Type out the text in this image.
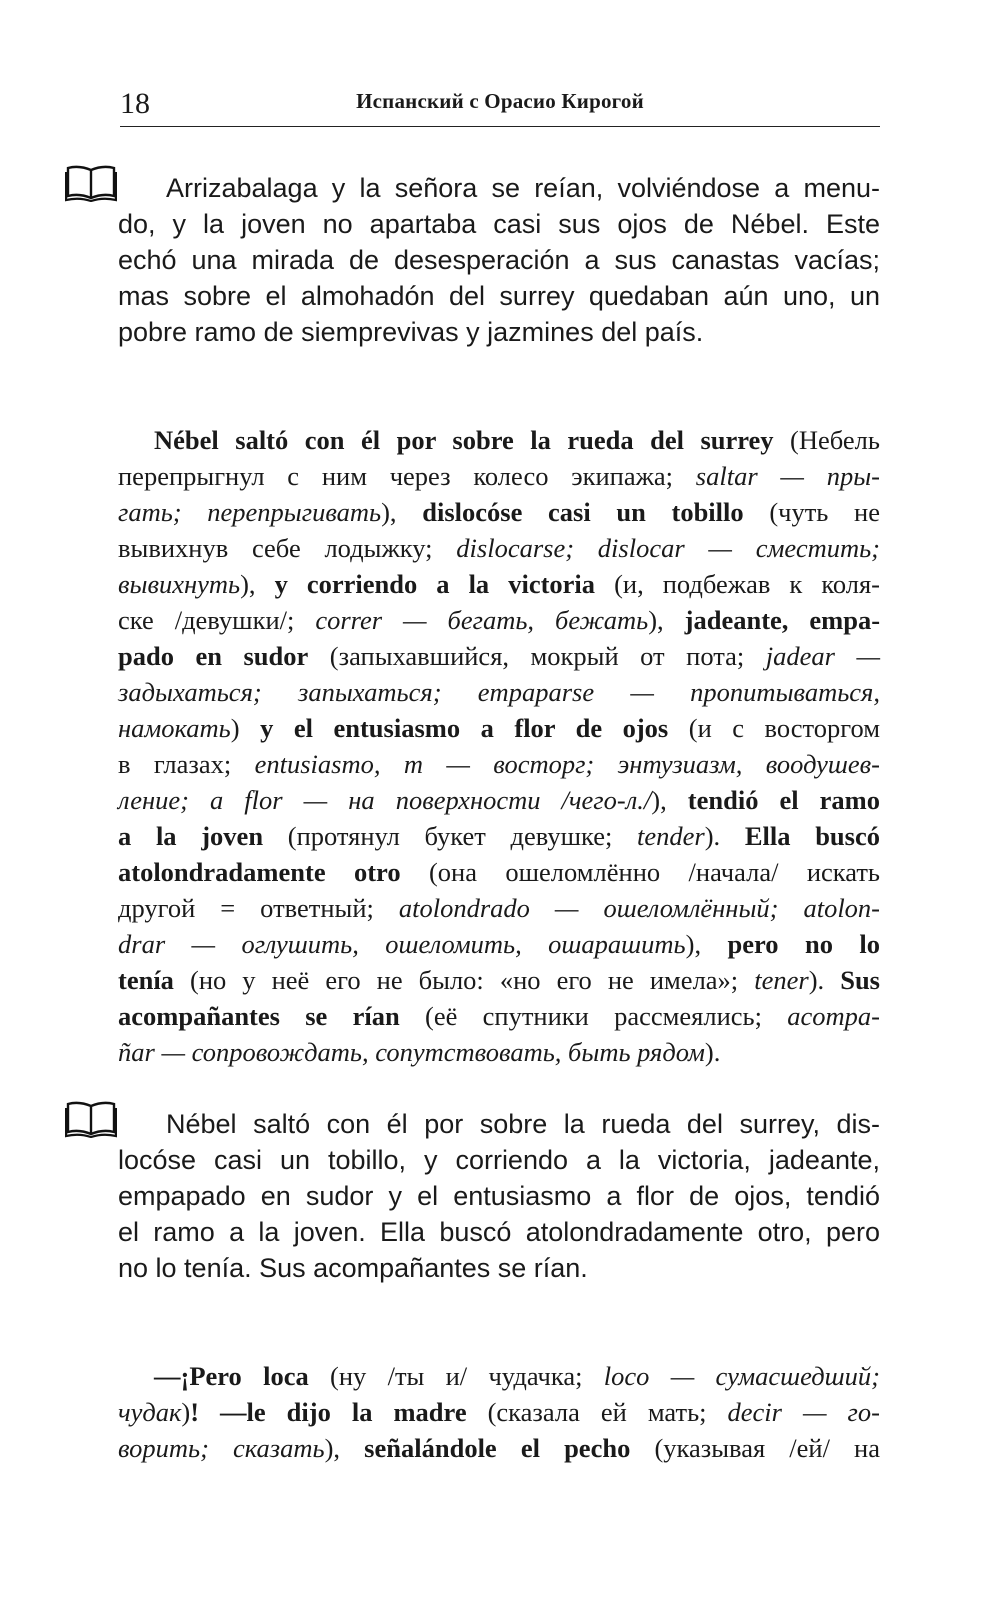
18	Испанский с Орасио Кирогой

Arrizabalaga y la señora se reían, volviéndose a menu-
do, y la joven no apartaba casi sus ojos de Nébel. Este
echó una mirada de desesperación a sus canastas vacías;
mas sobre el almohadón del surrey quedaban aún uno, un
pobre ramo de siemprevivas y jazmines del país.

Nébel saltó con él por sobre la rueda del surrey (Небель
перепрыгнул с ним через колесо экипажа; saltar — пры-
гать; перепрыгивать), dislocóse casi un tobillo (чуть не
вывихнув себе лодыжку; dislocarse; dislocar — сместить;
вывихнуть), y corriendo a la victoria (и, подбежав к коля-
ске /девушки/; correr — бегать, бежать), jadeante, empa-
pado en sudor (запыхавшийся, мокрый от пота; jadear —
задыхаться; запыхаться; empaparse — пропитываться,
намокать) y el entusiasmo a flor de ojos (и с восторгом
в глазах; entusiasmo, m — восторг; энтузиазм, воодушев-
ление; a flor — на поверхности /чего-л./), tendió el ramo
a la joven (протянул букет девушке; tender). Ella buscó
atolondradamente otro (она ошеломлённо /начала/ искать
другой = ответный; atolondrado — ошеломлённый; atolon-
drar — оглушить, ошеломить, ошарашить), pero no lo
tenía (но у неё его не было: «но его не имела»; tener). Sus
acompañantes se rían (её спутники рассмеялись; acompa-
ñar — сопровождать, сопутствовать, быть рядом).

Nébel saltó con él por sobre la rueda del surrey, dis-
locóse casi un tobillo, y corriendo a la victoria, jadeante,
empapado en sudor y el entusiasmo a flor de ojos, tendió
el ramo a la joven. Ella buscó atolondradamente otro, pero
no lo tenía. Sus acompañantes se rían.

—¡Pero loca (ну /ты и/ чудачка; loco — сумасшедший;
чудак)! —le dijo la madre (сказала ей мать; decir — го-
ворить; сказать), señalándole el pecho (указывая /ей/ на
